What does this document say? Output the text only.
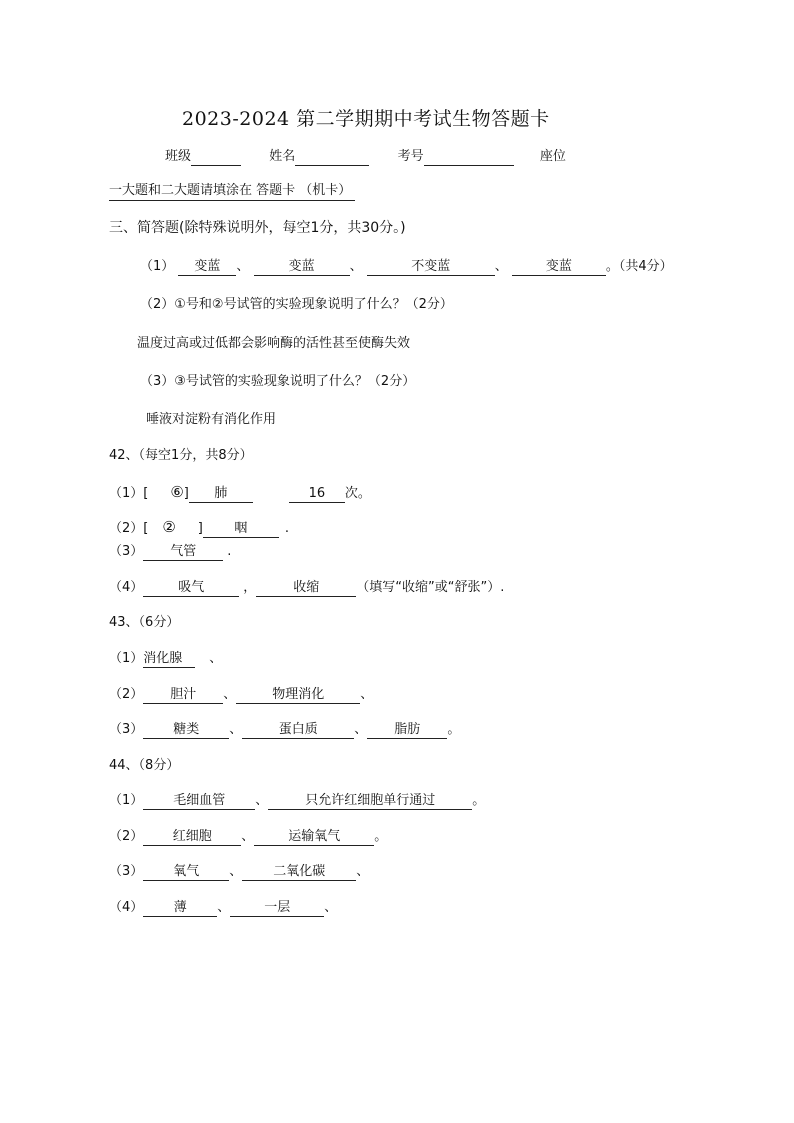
2023-2024 第二学期期中考试生物答题卡
班级	姓名	考号	座位
一大题和二大题请填涂在 答题卡 （机卡）
三、简答题(除特殊说明外，每空1分，共30分。)
（1） 变蓝 、	变蓝	、	不变蓝	、	变蓝	。（共4分）
（2）①号和②号试管的实验现象说明了什么？（2分）
温度过高或过低都会影响酶的活性甚至使酶失效
（3）③号试管的实验现象说明了什么？（2分）
唾液对淀粉有消化作用
42、（每空1分，共8分）
（1）[ ⑥] 肺	16 次。
（2）[ ② ] 咽	.
（3） 气管 .
（4）	吸气	，	收缩	（填写“收缩”或“舒张”）.
43、（6分）
（1）消化腺 、
（2） 胆汁 、	物理消化	、
（3） 糖类 、	蛋白质	、 脂肪 。
44、（8分）
（1） 毛细血管 、	只允许红细胞单行通过	。
（2） 红细胞 、	运输氧气	。
（3） 氧气 、 二氧化碳 、
（4） 薄 、	一层	、
